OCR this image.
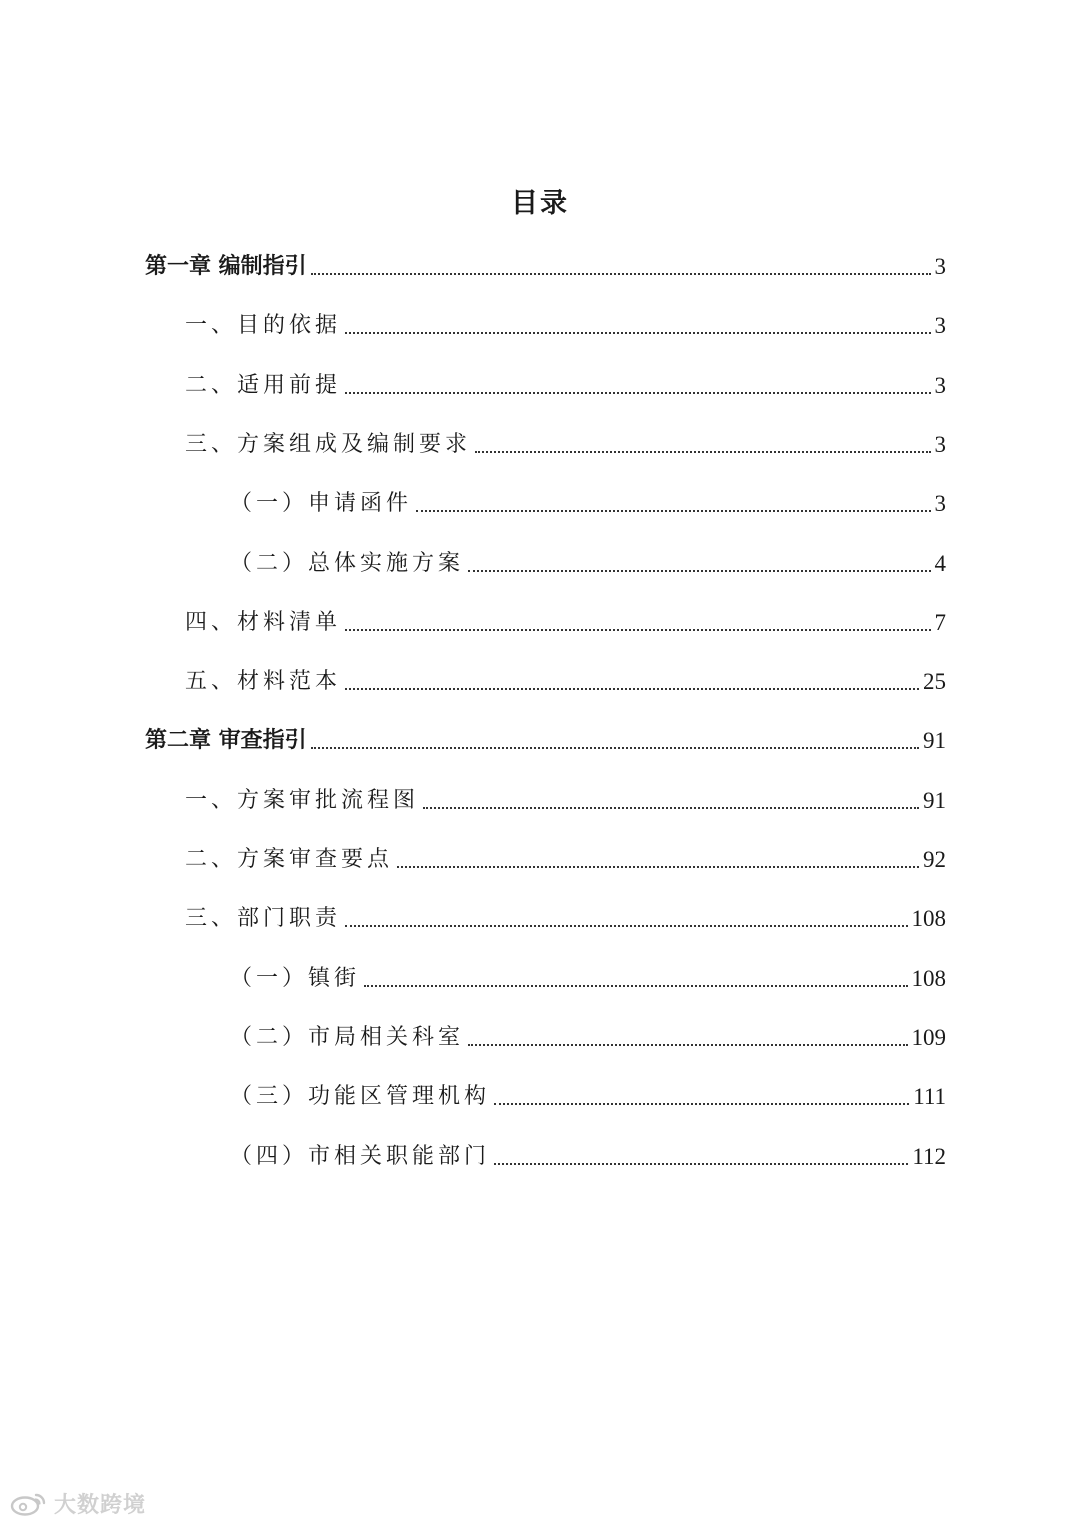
目录
第一章 编制指引	3
一、目的依据	3
二、适用前提	3
三、方案组成及编制要求	3
（一）申请函件	3
（二）总体实施方案	4
四、材料清单	7
五、材料范本	25
第二章 审查指引	91
一、方案审批流程图	91
二、方案审查要点	92
三、部门职责	108
（一）镇街	108
（二）市局相关科室	109
（三）功能区管理机构	111
（四）市相关职能部门	112
大数跨境
